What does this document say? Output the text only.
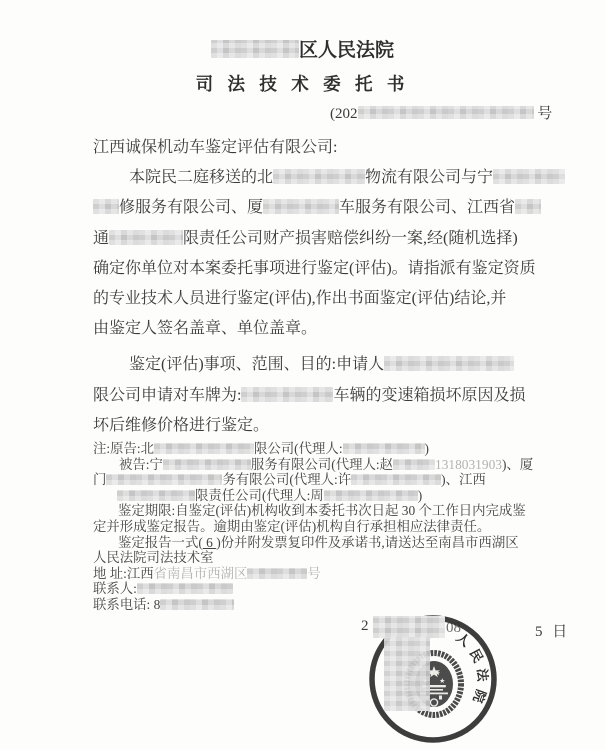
区人民法院
司 法 技 术 委 托 书
(202	号
江西诚保机动车鉴定评估有限公司:
本院民二庭移送的北	物流有限公司与宁
修服务有限公司、厦	车服务有限公司、江西省
通	限责任公司财产损害赔偿纠纷一案,经(随机选择)
确定你单位对本案委托事项进行鉴定(评估)。请指派有鉴定资质
的专业技术人员进行鉴定(评估),作出书面鉴定(评估)结论,并
由鉴定人签名盖章、单位盖章。
鉴定(评估)事项、范围、目的:申请人
限公司申请对车牌为:	车辆的变速箱损坏原因及损
坏后维修价格进行鉴定。
注:原告:北	限公司(代理人:	)
被告:宁	服务有限公司(代理人:赵	1318031903)、厦
门	务有限公司(代理人:许	)、江西
限责任公司(代理人:周	)
鉴定期限:自鉴定(评估)机构收到本委托书次日起 30 个工作日内完成鉴
定并形成鉴定报告。逾期由鉴定(评估)机构自行承担相应法律责任。
鉴定报告一式( 6 )份并附发票复印件及承诺书,请送达至南昌市西湖区
人民法院司法技术室
地 址:江西省南昌市西湖区	号
联系人:
联系电话: 8
2	08	5 日
人
民
法
院
